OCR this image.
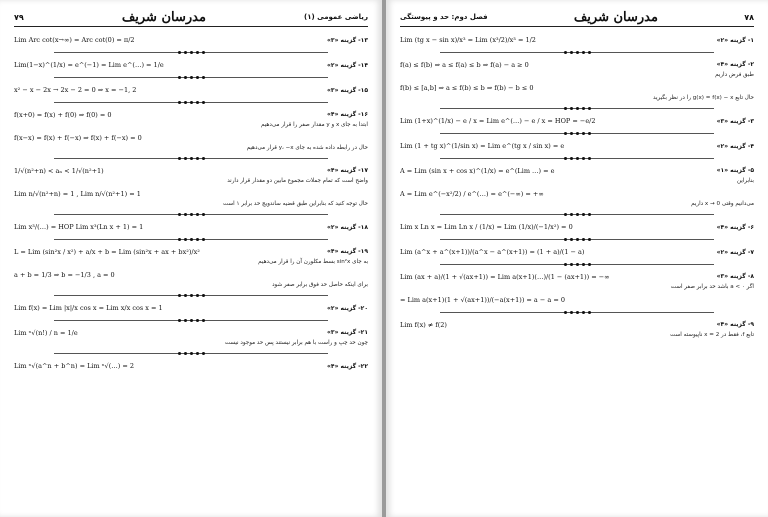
۷۹	مدرسان شریف	ریاضی عمومی (۱)
Lim Arc cot(x→∞) = Arc cot(0) = π/2	۱۳- گزینه «۳»
Lim(1−x)^(1/x) = e^(−1) = Lim e^(…) = 1/e	۱۴- گزینه «۲»
x² − x − 2x → 2x − 2 = 0 ⇒ x = −1, 2	۱۵- گزینه «۳»
f(x+0) = f(x) + f(0) ⇒ f(0) = 0	۱۶- گزینه «۴»
ابتدا به جای x و y مقدار صفر را قرار می‌دهیم
f(x−x) = f(x) + f(−x) ⇒ f(x) + f(−x) = 0
حال در رابطه داده شده به جای y، −x قرار می‌دهیم
1/√(n²+n) < aₙ < 1/√(n²+1)	۱۷- گزینه «۴»
واضح است که تمام جملات مجموع مابین دو مقدار قرار دارند
Lim n/√(n²+n) = 1 , Lim n/√(n²+1) = 1
حال توجه کنید که بنابراین طبق قضیه ساندویچ حد برابر ۱ است
Lim x³/(…) = HOP Lim x³(Ln x + 1) = 1	۱۸- گزینه «۲»
L = Lim (sin²x / x²) + a/x + b = Lim (sin²x + ax + bx²)/x²	۱۹- گزینه «۴»
به جای sin²x بسط مکلورن آن را قرار می‌دهیم
a + b = 1/3 ⇒ b = −1/3 , a = 0
برای اینکه حاصل حد فوق برابر صفر شود
Lim f(x) = Lim |x|/x cos x = Lim x/x cos x = 1	۲۰- گزینه «۲»
Lim ⁿ√(n!) / n = 1/e	۲۱- گزینه «۳»
چون حد چپ و راست با هم برابر نیستند پس حد موجود نیست
Lim ⁿ√(a^n + b^n) = Lim ⁿ√(…) = 2	۲۲- گزینه «۴»
فصل دوم: حد و پیوستگی	مدرسان شریف	۷۸
Lim (tg x − sin x)/x³ = Lim (x³/2)/x³ = 1/2	۱- گزینه «۲»
f(a) ≤ f(b) ⇒ a ≤ f(a) ≤ b ⇒ f(a) − a ≥ 0	۲- گزینه «۴»
طبق فرض داریم
f(b) ≤ [a,b] ⇒ a ≤ f(b) ≤ b ⇒ f(b) − b ≤ 0
حال تابع g(x) = f(x) − x را در نظر بگیرید
Lim (1+x)^(1/x) − e / x = Lim e^(…) − e / x = HOP = −e/2	۳- گزینه «۳»
Lim (1 + tg x)^(1/sin x) = Lim e^(tg x / sin x) = e	۴- گزینه «۲»
A = Lim (sin x + cos x)^(1/x) = e^(Lim …) = e	۵- گزینه «۱»
بنابراین
A = Lim e^(−x²/2) / e^(…) = e^(−∞) = +∞
می‌دانیم وقتی x → 0 داریم
Lim x Ln x = Lim Ln x / (1/x) = Lim (1/x)/(−1/x²) = 0	۶- گزینه «۴»
Lim (a^x + a^(x+1))/(a^x − a^(x+1)) = (1 + a)/(1 − a)	۷- گزینه «۲»
Lim (ax + a)/(1 + √(ax+1)) = Lim a(x+1)(…)/(1 − (ax+1)) = −∞	۸- گزینه «۳»
اگر a < ۰ باشد حد برابر صفر است
= Lim a(x+1)(1 + √(ax+1))/(−a(x+1)) = a − a = 0
Lim f(x) ≠ f(2)	۹- گزینه «۴»
تابع f، فقط در x = 2 ناپیوسته است
